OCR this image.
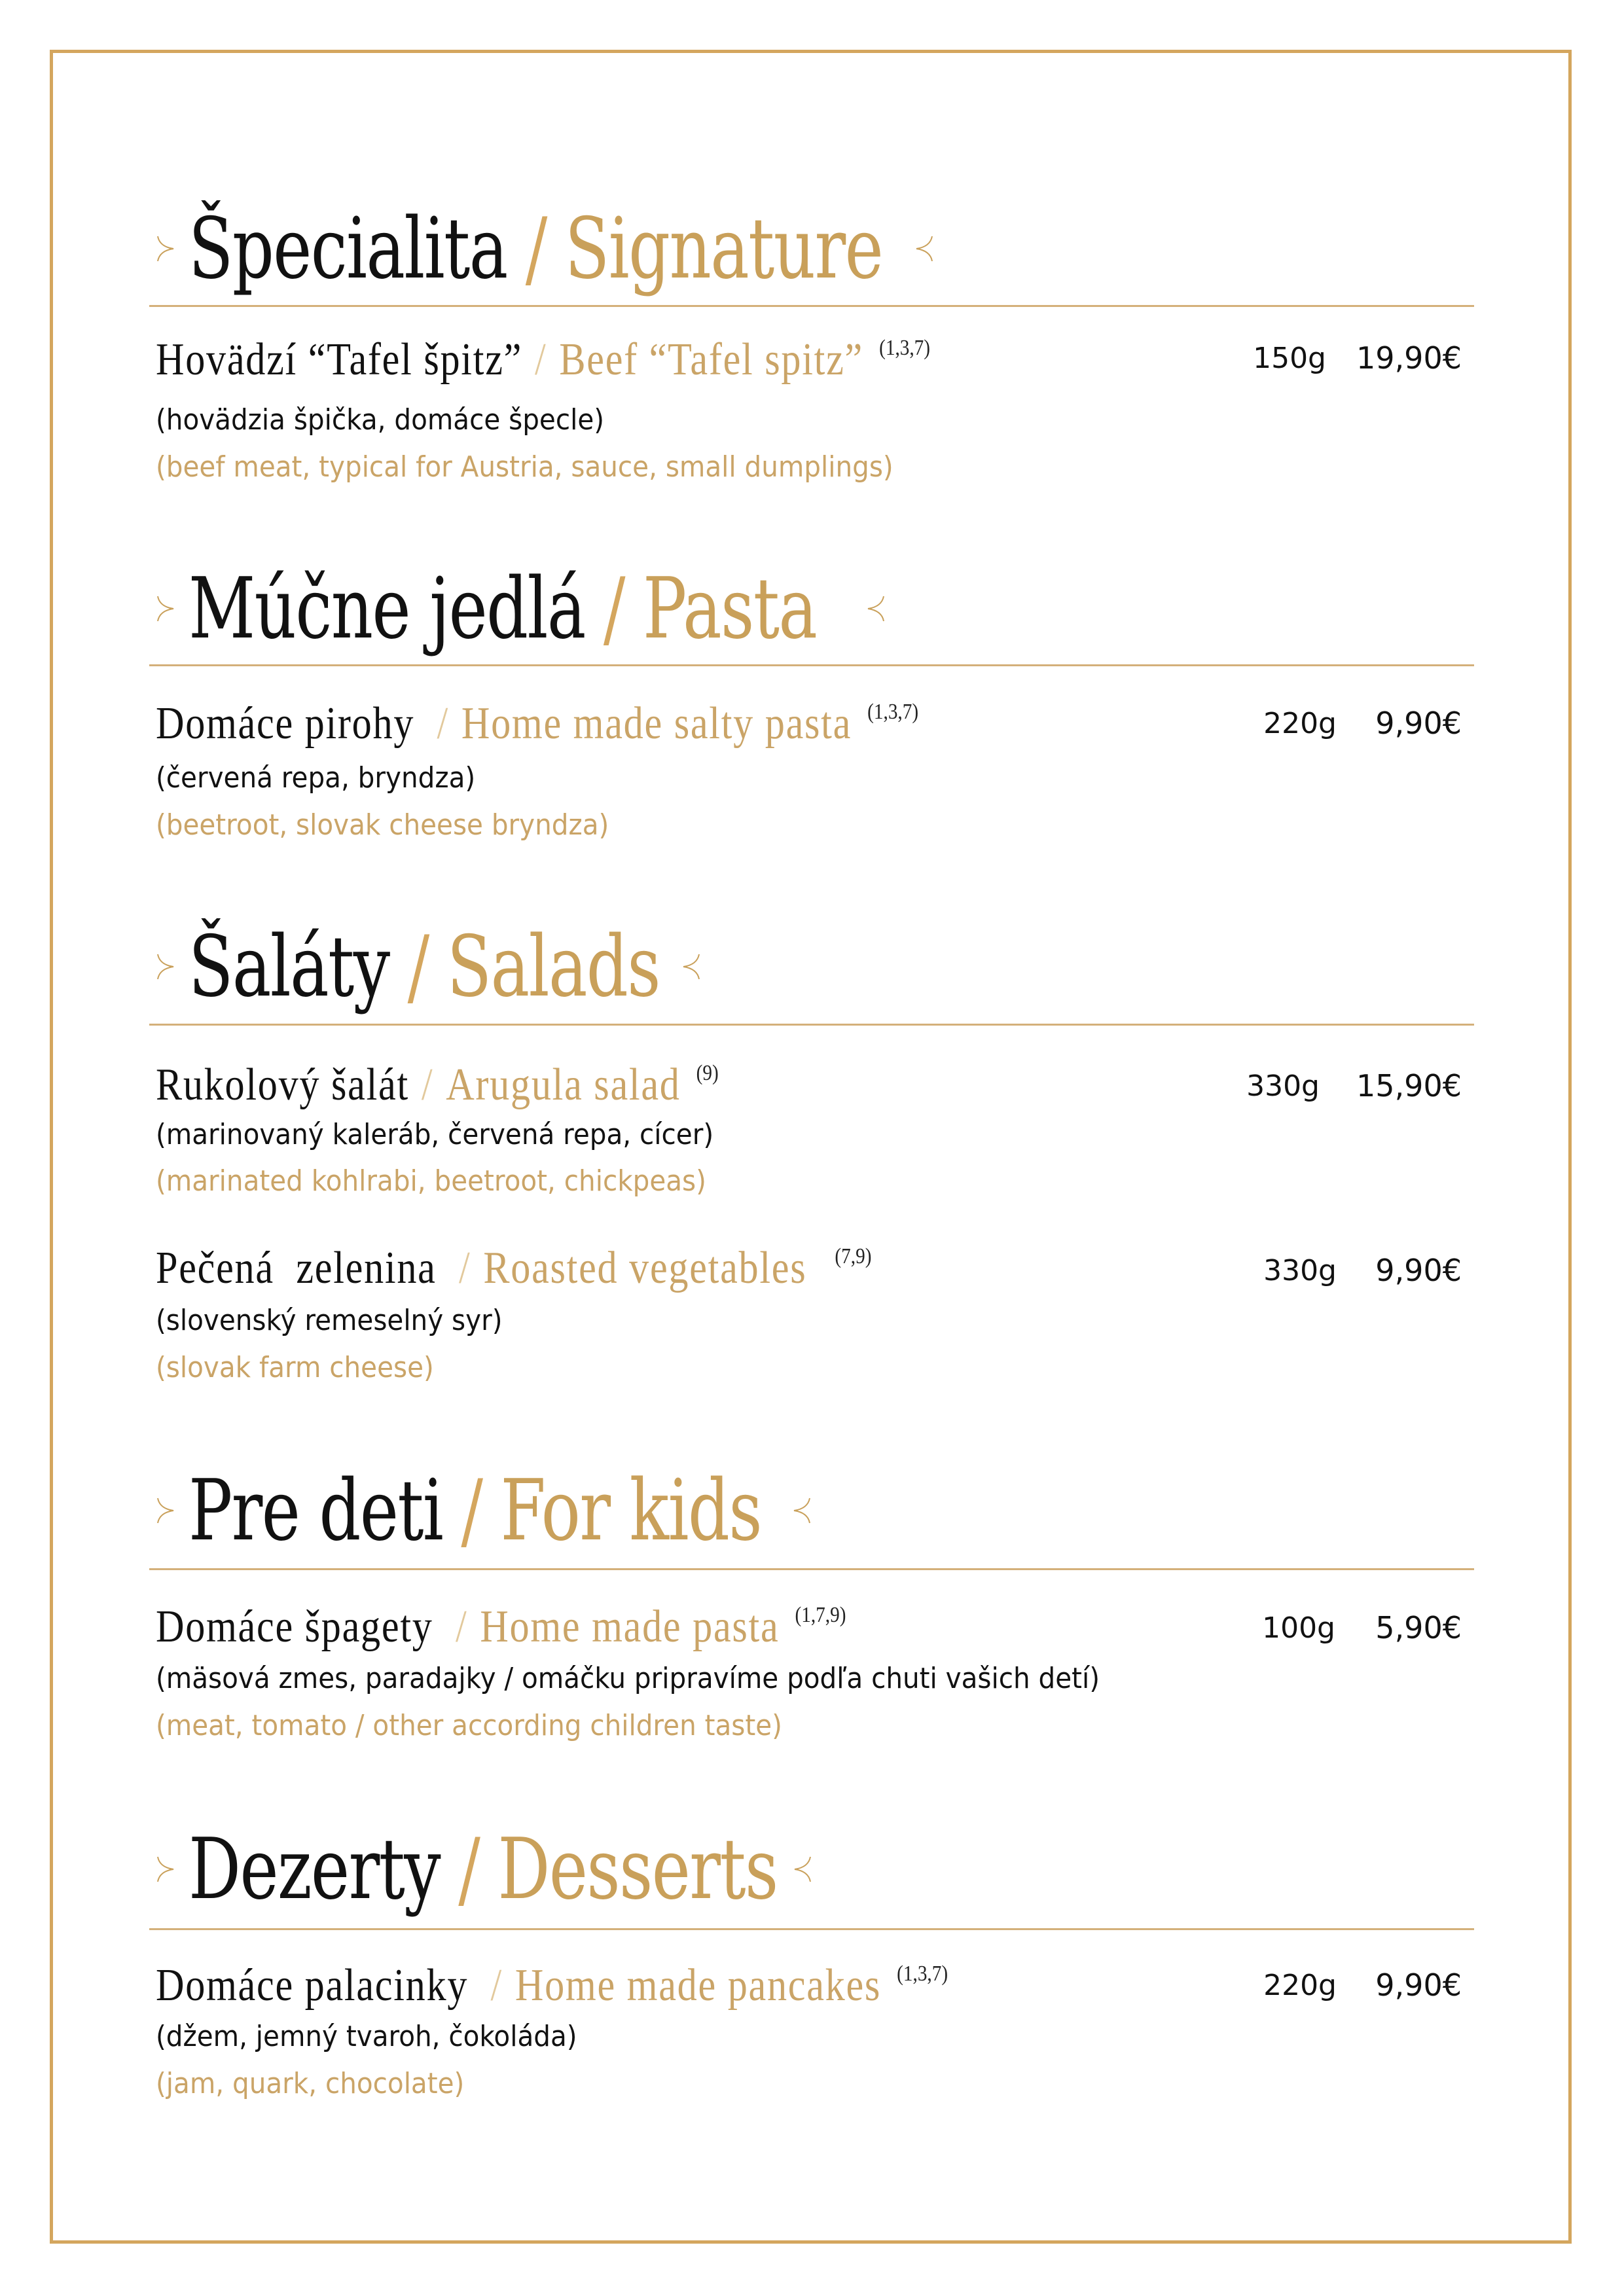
Špecialita / Signature
Hovädzí “Tafel špitz” / Beef “Tafel spitz” $^{(1,3,7)}$
(hovädzia špička, domáce špecle)
(beef meat, typical for Austria, sauce, small dumplings)
150g	19,90€
Múčne jedlá / Pasta
Domáce pirohy / Home made salty pasta $^{(1,3,7)}$
(červená repa, bryndza)
(beetroot, slovak cheese bryndza)
220g	9,90€
Šaláty / Salads
Rukolový šalát / Arugula salad $^{(9)}$
(marinovaný kaleráb, červená repa, cícer)
(marinated kohlrabi, beetroot, chickpeas)
330g	15,90€
Pečená  zelenina / Roasted vegetables $^{(7,9)}$
(slovenský remeselný syr)
(slovak farm cheese)
330g	9,90€
Pre deti / For kids
Domáce špagety / Home made pasta $^{(1,7,9)}$
(mäsová zmes, paradajky / omáčku pripravíme podľa chuti vašich detí)
(meat, tomato / other according children taste)
100g	5,90€
Dezerty / Desserts
Domáce palacinky / Home made pancakes $^{(1,3,7)}$
(džem, jemný tvaroh, čokoláda)
(jam, quark, chocolate)
220g	9,90€
